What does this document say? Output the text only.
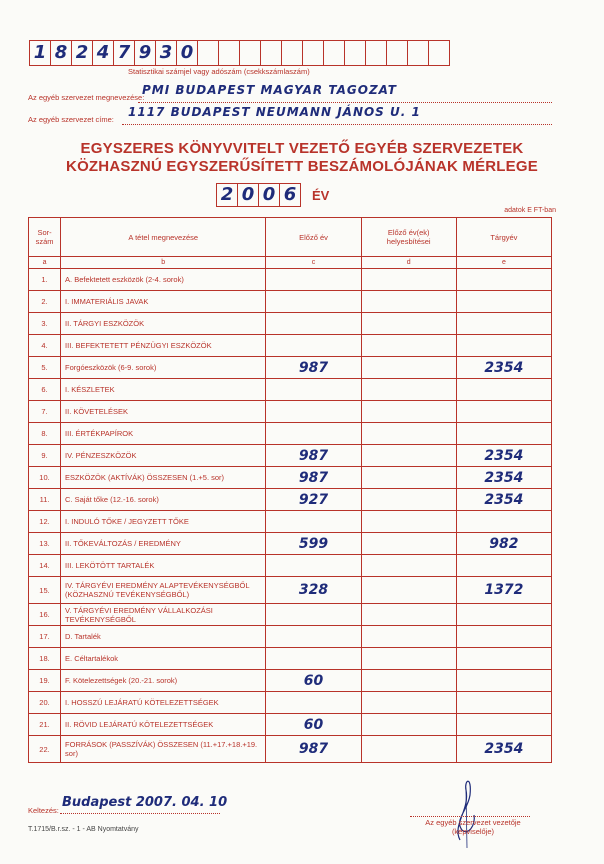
1 8 2 4 7 9 3 0
Statisztikai számjel vagy adószám (csekkszámlaszám)
Az egyéb szervezet megnevezése:
PMI BUDAPEST MAGYAR TAGOZAT
Az egyéb szervezet címe:
1117 BUDAPEST NEUMANN JÁNOS U. 1
EGYSZERES KÖNYVVITELT VEZETŐ EGYÉB SZERVEZETEK
KÖZHASZNÚ EGYSZERŰSÍTETT BESZÁMOLÓJÁNAK MÉRLEGE
2 0 0 6 ÉV
adatok E FT-ban
Sor-
szám	A tétel megnevezése	Előző év	Előző év(ek)
helyesbítései	Tárgyév
a	b	c	d	e
1.	A. Befektetett eszközök (2-4. sorok)			
2.	I. IMMATERIÁLIS JAVAK			
3.	II. TÁRGYI ESZKÖZÖK			
4.	III. BEFEKTETETT PÉNZÜGYI ESZKÖZÖK			
5.	Forgóeszközök (6-9. sorok)	987		2354
6.	I. KÉSZLETEK			
7.	II. KÖVETELÉSEK			
8.	III. ÉRTÉKPAPÍROK			
9.	IV. PÉNZESZKÖZÖK	987		2354
10.	ESZKÖZÖK (AKTÍVÁK) ÖSSZESEN (1.+5. sor)	987		2354
11.	C. Saját tőke (12.-16. sorok)	927		2354
12.	I. INDULÓ TŐKE / JEGYZETT TŐKE			
13.	II. TŐKEVÁLTOZÁS / EREDMÉNY	599		982
14.	III. LEKÖTÖTT TARTALÉK			
15.	IV. TÁRGYÉVI EREDMÉNY ALAPTEVÉKENYSÉGBŐL (KÖZHASZNÚ TEVÉKENYSÉGBŐL)	328		1372
16.	V. TÁRGYÉVI EREDMÉNY VÁLLALKOZÁSI TEVÉKENYSÉGBŐL			
17.	D. Tartalék			
18.	E. Céltartalékok			
19.	F. Kötelezettségek (20.-21. sorok)	60		
20.	I. HOSSZÚ LEJÁRATÚ KÖTELEZETTSÉGEK			
21.	II. RÖVID LEJÁRATÚ KÖTELEZETTSÉGEK	60		
22.	FORRÁSOK (PASSZÍVÁK) ÖSSZESEN (11.+17.+18.+19. sor)	987		2354
Keltezés:
Budapest 2007. 04. 10
Az egyéb szervezet vezetője (képviselője)
T.1715/B.r.sz. - 1 - AB Nyomtatvány
